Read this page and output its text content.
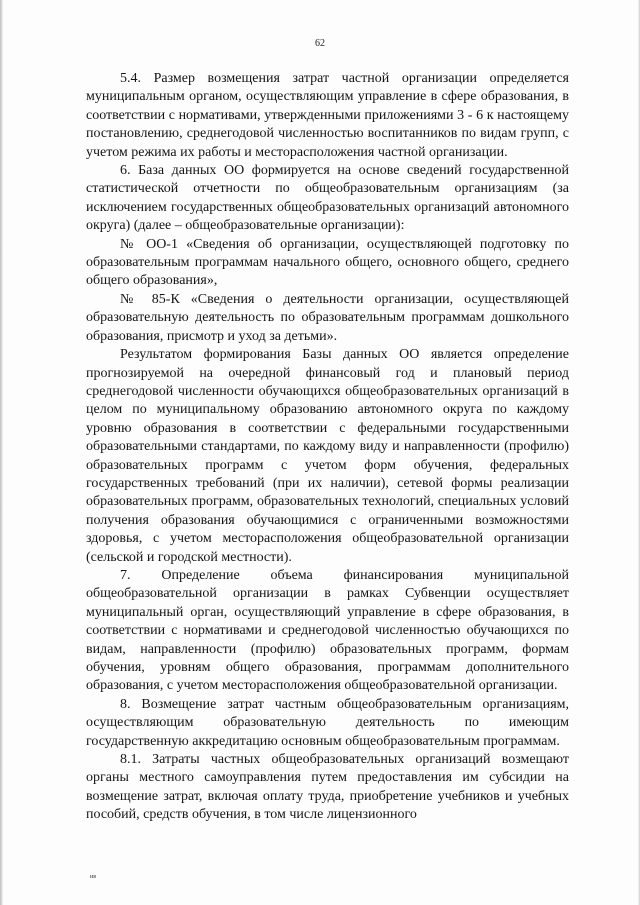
62

5.4. Размер возмещения затрат частной организации определяется муниципальным органом, осуществляющим управление в сфере образования, в соответствии с нормативами, утвержденными приложениями 3 - 6 к настоящему постановлению, среднегодовой численностью воспитанников по видам групп, с учетом режима их работы и месторасположения частной организации.

6. База данных ОО формируется на основе сведений государственной статистической отчетности по общеобразовательным организациям (за исключением государственных общеобразовательных организаций автономного округа) (далее – общеобразовательные организации):

№ ОО-1 «Сведения об организации, осуществляющей подготовку по образовательным программам начального общего, основного общего, среднего общего образования»,

№ 85-К «Сведения о деятельности организации, осуществляющей образовательную деятельность по образовательным программам дошкольного образования, присмотр и уход за детьми».

Результатом формирования Базы данных ОО является определение прогнозируемой на очередной финансовый год и плановый период среднегодовой численности обучающихся общеобразовательных организаций в целом по муниципальному образованию автономного округа по каждому уровню образования в соответствии с федеральными государственными образовательными стандартами, по каждому виду и направленности (профилю) образовательных программ с учетом форм обучения, федеральных государственных требований (при их наличии), сетевой формы реализации образовательных программ, образовательных технологий, специальных условий получения образования обучающимися с ограниченными возможностями здоровья, с учетом месторасположения общеобразовательной организации (сельской и городской местности).

7. Определение объема финансирования муниципальной общеобразовательной организации в рамках Субвенции осуществляет муниципальный орган, осуществляющий управление в сфере образования, в соответствии с нормативами и среднегодовой численностью обучающихся по видам, направленности (профилю) образовательных программ, формам обучения, уровням общего образования, программам дополнительного образования, с учетом месторасположения общеобразовательной организации.

8. Возмещение затрат частным общеобразовательным организациям, осуществляющим образовательную деятельность по имеющим государственную аккредитацию основным общеобразовательным программам.

8.1. Затраты частных общеобразовательных организаций возмещают органы местного самоуправления путем предоставления им субсидии на возмещение затрат, включая оплату труда, приобретение учебников и учебных пособий, средств обучения, в том числе лицензионного

ив
